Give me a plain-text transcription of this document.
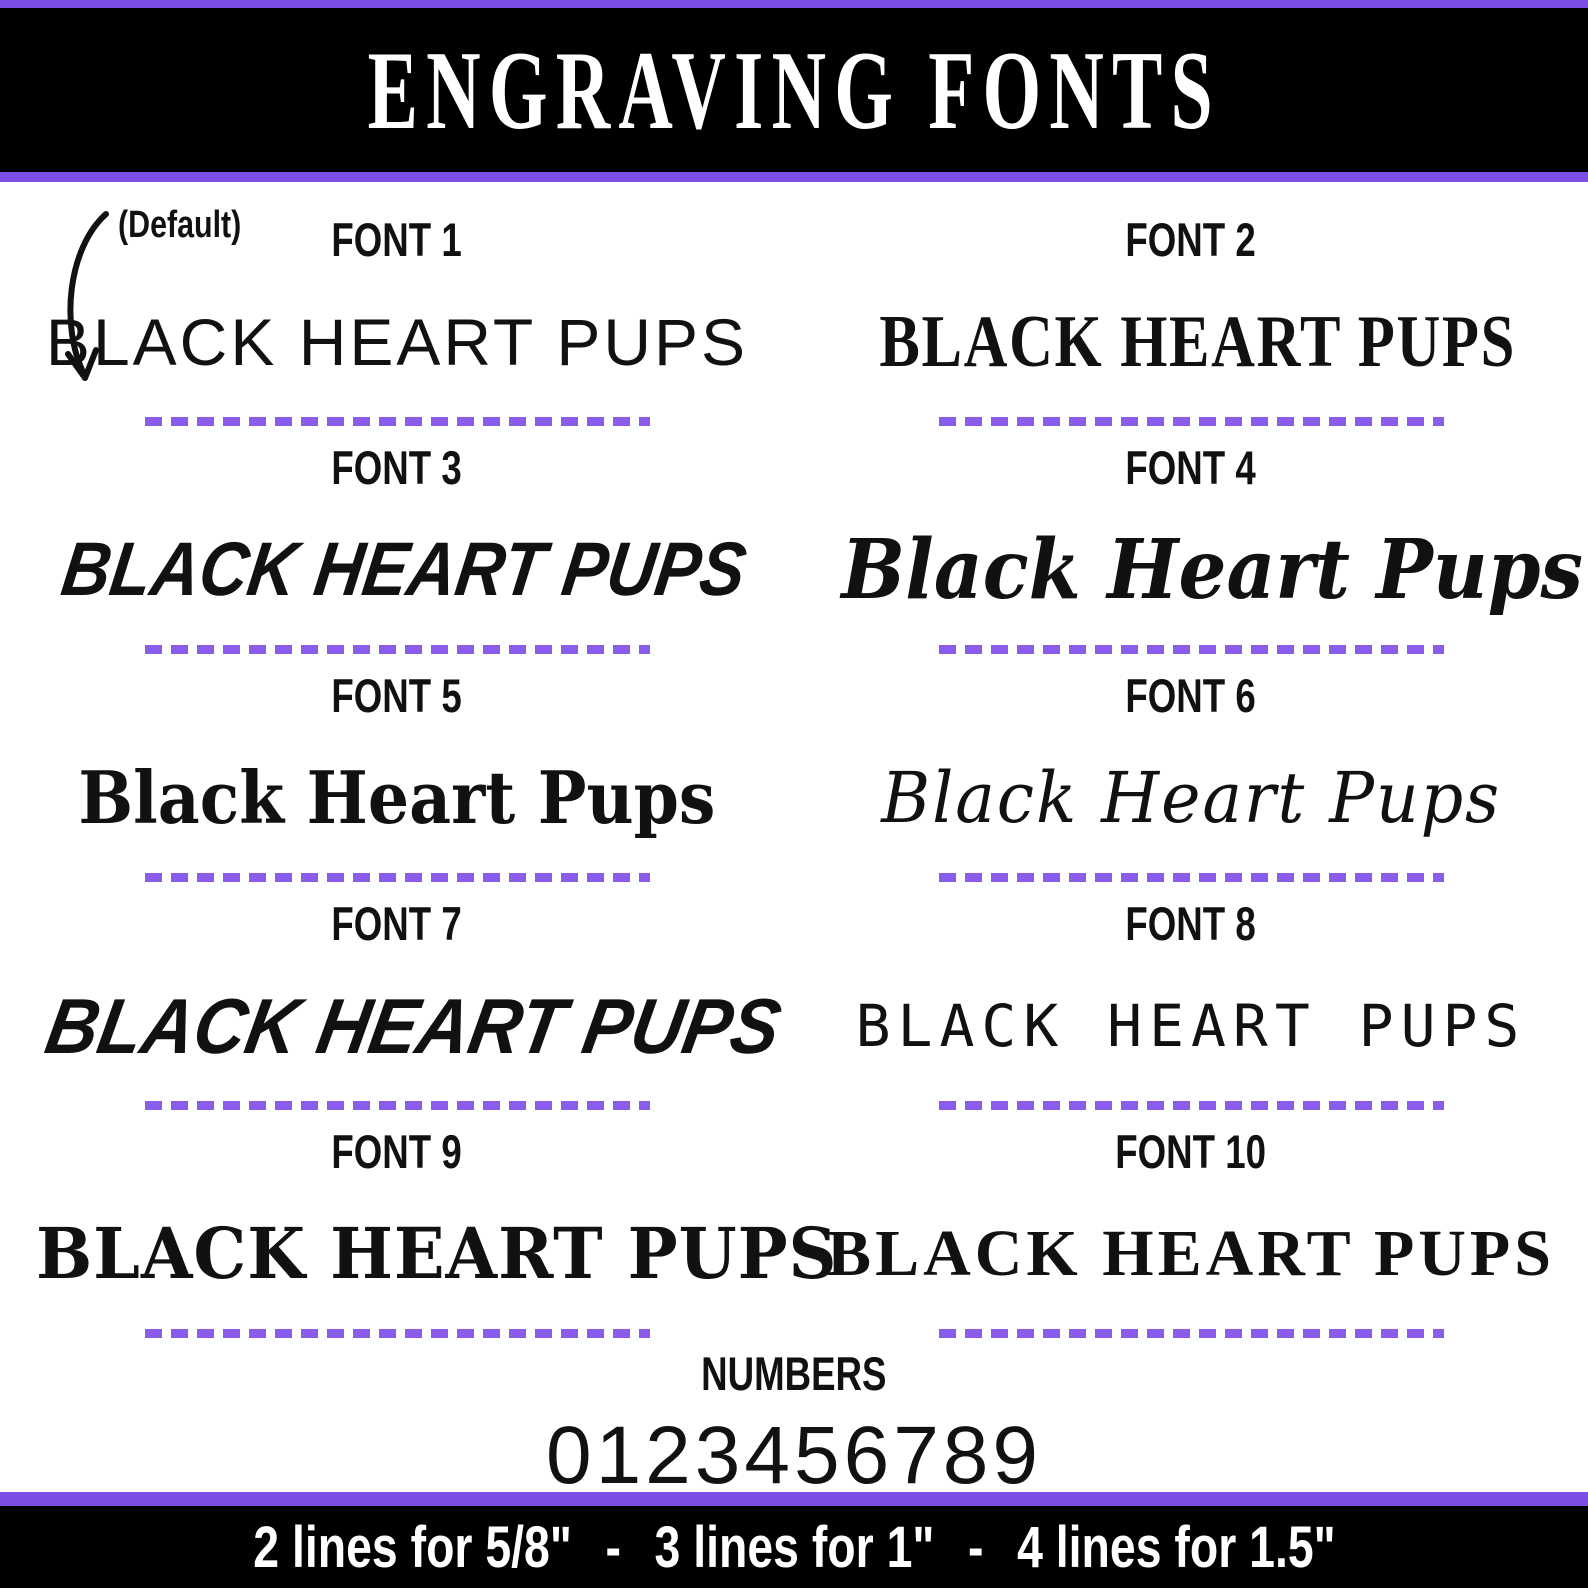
ENGRAVING FONTS
(Default) FONT 1
BLACK HEART PUPS
FONT 2
BLACK HEART PUPS
FONT 3
BLACK HEART PUPS
FONT 4
Black Heart Pups
FONT 5
Black Heart Pups
FONT 6
Black Heart Pups
FONT 7
BLACK HEART PUPS
FONT 8
BLACK HEART PUPS
FONT 9
BLACK HEART PUPS
FONT 10
BLACK HEART PUPS
NUMBERS
0123456789
2 lines for 5/8" - 3 lines for 1" - 4 lines for 1.5"
